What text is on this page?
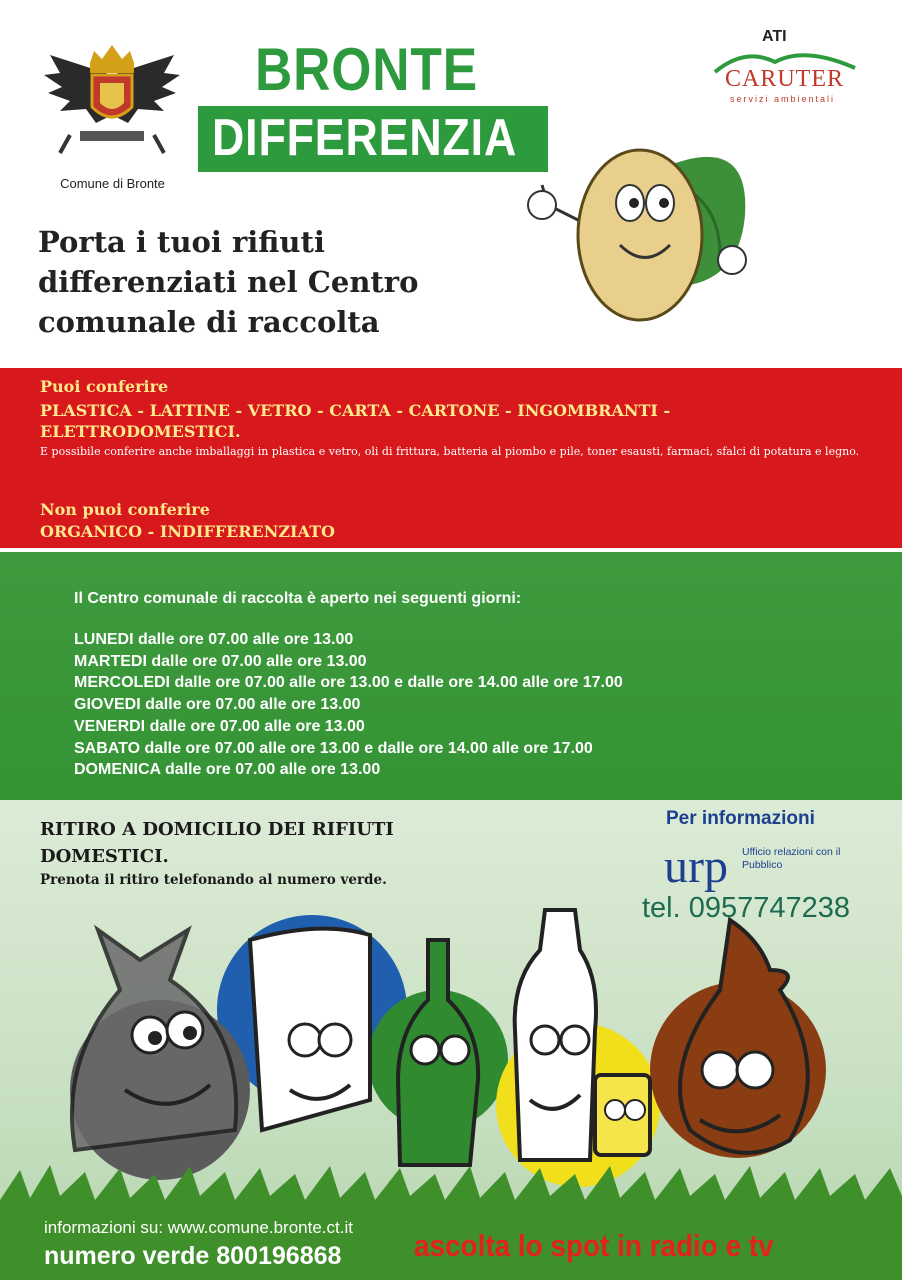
Comune di Bronte
BRONTE
DIFFERENZIA
ATI
CARUTER
servizi ambientali
Porta i tuoi rifiuti
differenziati nel Centro
comunale di raccolta
Puoi conferire
PLASTICA - LATTINE - VETRO - CARTA - CARTONE - INGOMBRANTI - ELETTRODOMESTICI.
E possibile conferire anche imballaggi in plastica e vetro, oli di frittura, batteria al piombo e pile, toner esausti, farmaci, sfalci di potatura e legno.
Non puoi conferire
ORGANICO - INDIFFERENZIATO
Il Centro comunale di raccolta è aperto nei seguenti giorni:
LUNEDI dalle ore 07.00 alle ore 13.00
MARTEDI dalle ore 07.00 alle ore 13.00
MERCOLEDI dalle ore 07.00 alle ore 13.00 e dalle ore 14.00 alle ore 17.00
GIOVEDI dalle ore 07.00 alle ore 13.00
VENERDI dalle ore 07.00 alle ore 13.00
SABATO dalle ore 07.00 alle ore 13.00 e dalle ore 14.00 alle ore 17.00
DOMENICA dalle ore 07.00 alle ore 13.00
RITIRO A DOMICILIO DEI RIFIUTI DOMESTICI.
Prenota il ritiro telefonando al numero verde.
Per informazioni
urp Ufficio relazioni con il Pubblico
tel. 0957747238
informazioni su: www.comune.bronte.ct.it
numero verde 800196868 ascolta lo spot in radio e tv
